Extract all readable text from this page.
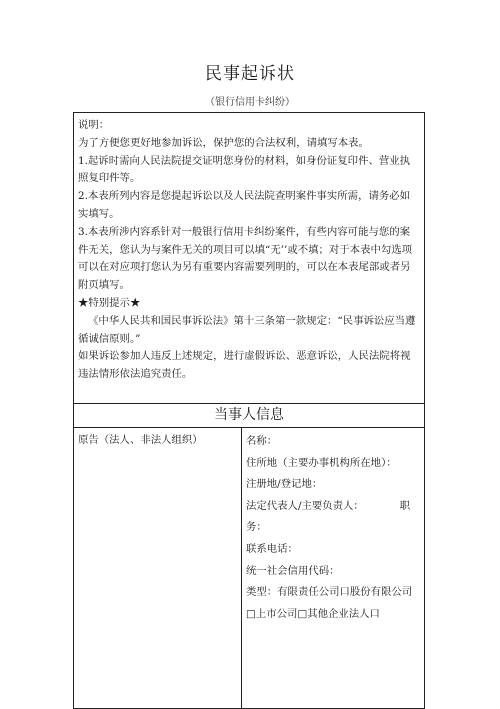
民事起诉状
（银行信用卡纠纷）

说明：

为了方便您更好地参加诉讼，保护您的合法权利，请填写本表。

1.起诉时需向人民法院提交证明您身份的材料，如身份证复印件、营业执照复印件等。

2.本表所列内容是您提起诉讼以及人民法院查明案件事实所需，请务必如实填写。

3.本表所涉内容系针对一般银行信用卡纠纷案件，有些内容可能与您的案件无关，您认为与案件无关的项目可以填“无’’或不填；对于本表中勾选项可以在对应项打您认为另有重要内容需要列明的，可以在本表尾部或者另附页填写。

★特别提示★

《中华人民共和国民事诉讼法》第十三条第一款规定：“民事诉讼应当遵循诚信原则。”

如果诉讼参加人违反上述规定，进行虚假诉讼、恶意诉讼，人民法院将视违法情形依法追究责任。

当事人信息
原告（法人、非法人组织）	名称：
住所地（主要办事机构所在地）：
注册地/登记地：
法定代表人/主要负责人：	职
务：
联系电话：
统一社会信用代码：
类型：有限责任公司口股份有限公司
□上市公司□其他企业法人口
